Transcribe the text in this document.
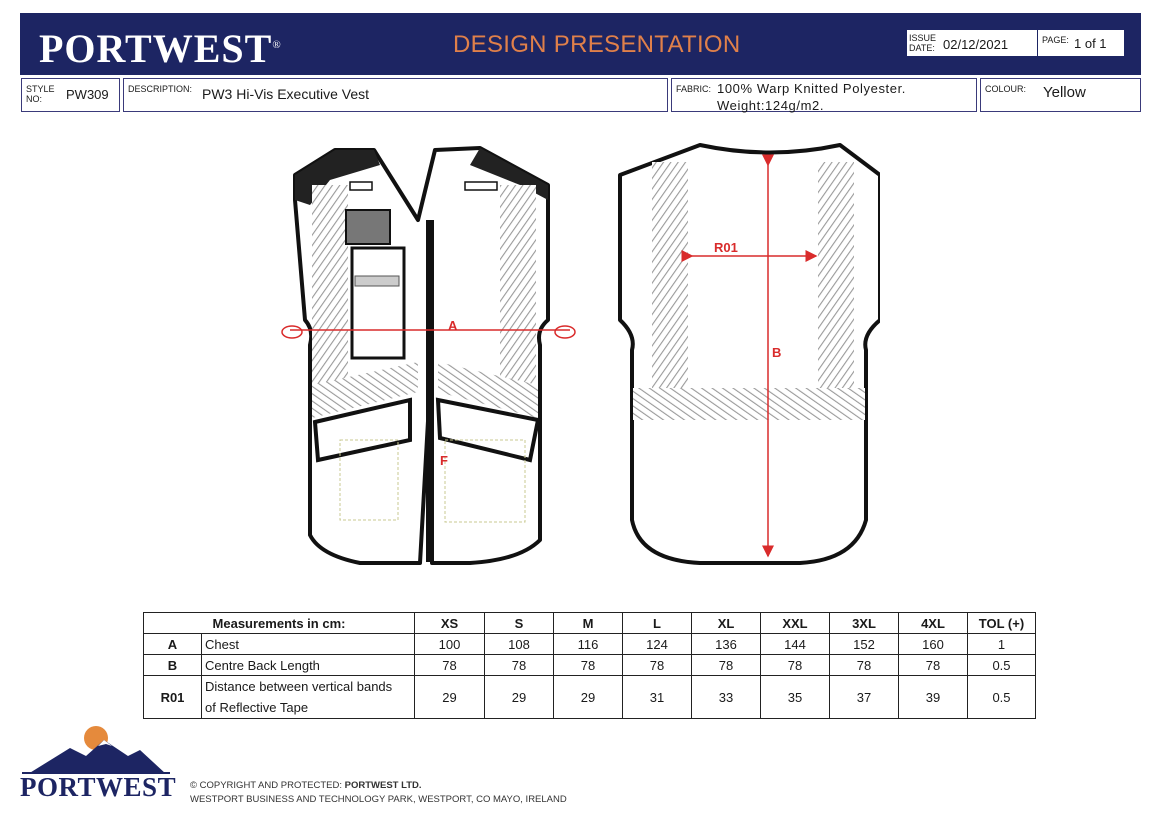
PORTWEST®	DESIGN PRESENTATION	ISSUE
DATE: 02/12/2021	PAGE: 1 of 1
STYLE
NO: PW309 DESCRIPTION: PW3 Hi-Vis Executive Vest	FABRIC: 100% Warp Knitted Polyester.
Weight:124g/m2.
COLOUR: Yellow
A
F
R01
B
Measurements in cm:		XS	S	M	L	XL	XXL	3XL	4XL	TOL (+)
A	Chest	100	108	116	124	136	144	152	160	1
B	Centre Back Length	78	78	78	78	78	78	78	78	0.5
R01	Distance between vertical bands
of Reflective Tape	29	29	29	31	33	35	37	39	0.5
PORTWEST © COPYRIGHT AND PROTECTED: PORTWEST LTD.
WESTPORT BUSINESS AND TECHNOLOGY PARK, WESTPORT, CO MAYO, IRELAND
